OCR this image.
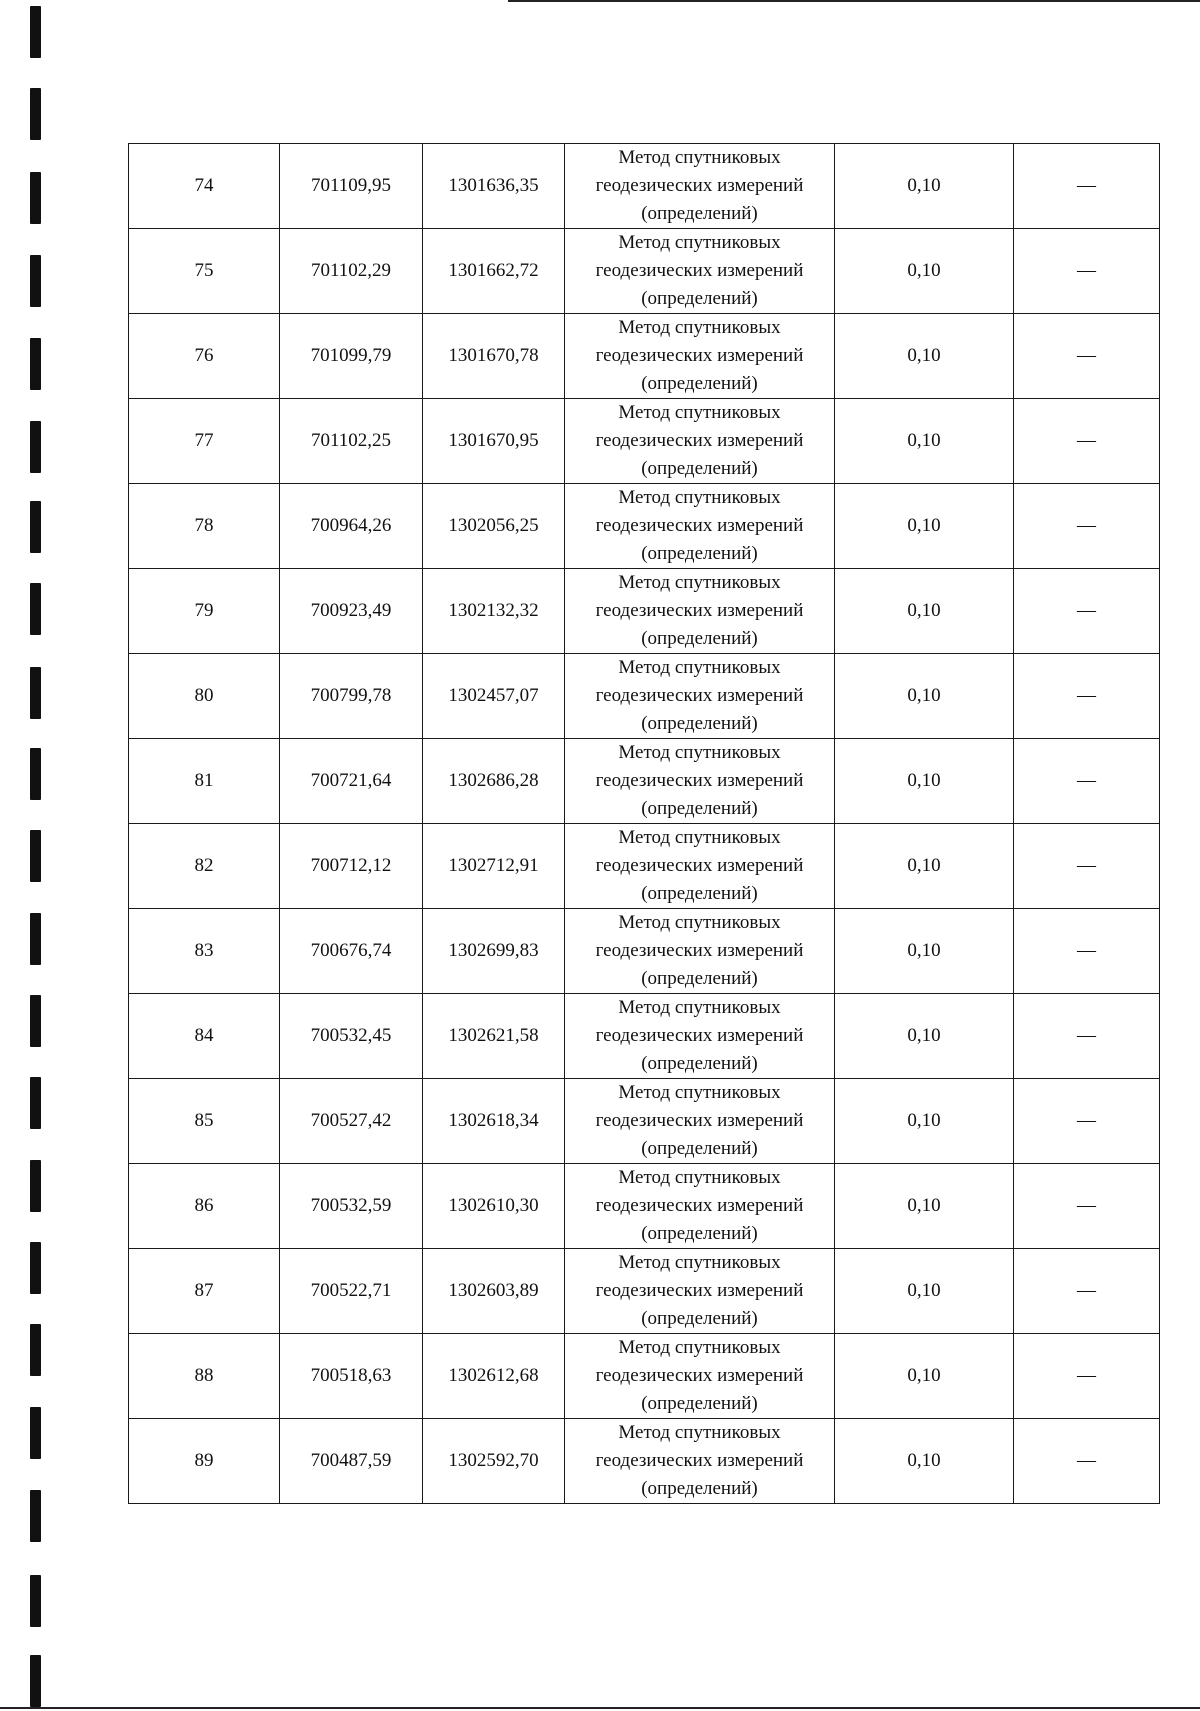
74	701109,95	1301636,35	Метод спутниковых
геодезических измерений
(определений)	0,10	—
75	701102,29	1301662,72	Метод спутниковых
геодезических измерений
(определений)	0,10	—
76	701099,79	1301670,78	Метод спутниковых
геодезических измерений
(определений)	0,10	—
77	701102,25	1301670,95	Метод спутниковых
геодезических измерений
(определений)	0,10	—
78	700964,26	1302056,25	Метод спутниковых
геодезических измерений
(определений)	0,10	—
79	700923,49	1302132,32	Метод спутниковых
геодезических измерений
(определений)	0,10	—
80	700799,78	1302457,07	Метод спутниковых
геодезических измерений
(определений)	0,10	—
81	700721,64	1302686,28	Метод спутниковых
геодезических измерений
(определений)	0,10	—
82	700712,12	1302712,91	Метод спутниковых
геодезических измерений
(определений)	0,10	—
83	700676,74	1302699,83	Метод спутниковых
геодезических измерений
(определений)	0,10	—
84	700532,45	1302621,58	Метод спутниковых
геодезических измерений
(определений)	0,10	—
85	700527,42	1302618,34	Метод спутниковых
геодезических измерений
(определений)	0,10	—
86	700532,59	1302610,30	Метод спутниковых
геодезических измерений
(определений)	0,10	—
87	700522,71	1302603,89	Метод спутниковых
геодезических измерений
(определений)	0,10	—
88	700518,63	1302612,68	Метод спутниковых
геодезических измерений
(определений)	0,10	—
89	700487,59	1302592,70	Метод спутниковых
геодезических измерений
(определений)	0,10	—
